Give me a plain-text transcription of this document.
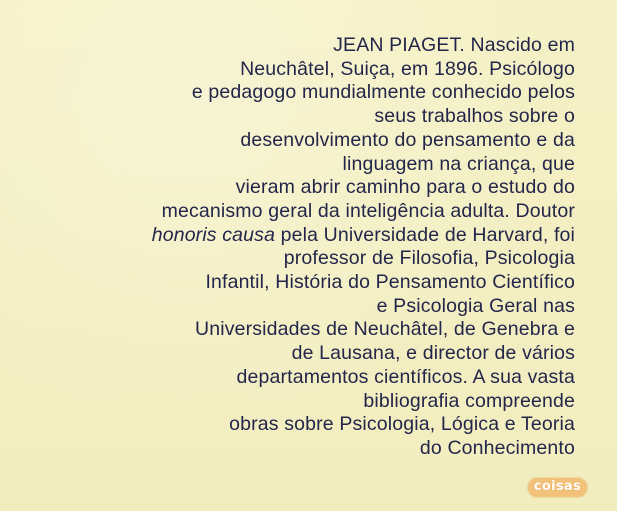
JEAN PIAGET. Nascido em
Neuchâtel, Suiça, em 1896. Psicólogo
e pedagogo mundialmente conhecido pelos
seus trabalhos sobre o
desenvolvimento do pensamento e da
linguagem na criança, que
vieram abrir caminho para o estudo do
mecanismo geral da inteligência adulta. Doutor
honoris causa pela Universidade de Harvard, foi
professor de Filosofia, Psicologia
Infantil, História do Pensamento Científico
e Psicologia Geral nas
Universidades de Neuchâtel, de Genebra e
de Lausana, e director de vários
departamentos científicos. A sua vasta
bibliografia compreende
obras sobre Psicologia, Lógica e Teoria
do Conhecimento

coisas
